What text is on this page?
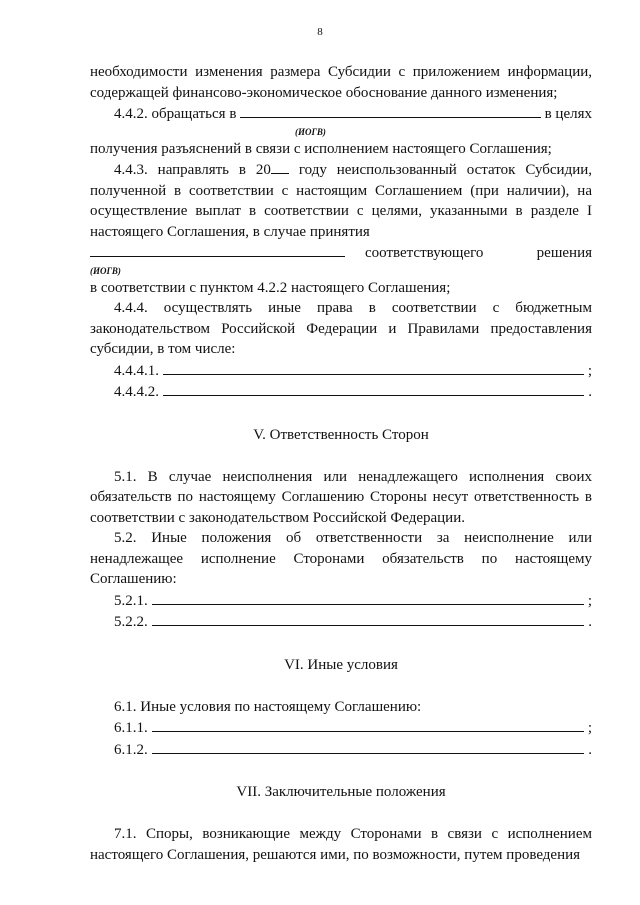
8

необходимости изменения размера Субсидии с приложением информации, содержащей финансово-экономическое обоснование данного изменения;

4.4.2. обращаться в	в целях
(ИОГВ)

получения разъяснений в связи с исполнением настоящего Соглашения;

4.4.3. направлять в 20 году неиспользованный остаток Субсидии, полученной в соответствии с настоящим Соглашением (при наличии), на осуществление выплат в соответствии с целями, указанными в разделе I настоящего Соглашения, в случае принятия

соответствующего	решения
(ИОГВ)

в соответствии с пунктом 4.2.2 настоящего Соглашения;

4.4.4. осуществлять иные права в соответствии с бюджетным законодательством Российской Федерации и Правилами предоставления субсидии, в том числе:

4.4.4.1.	;
4.4.4.2.	.
V. Ответственность Сторон

5.1. В случае неисполнения или ненадлежащего исполнения своих обязательств по настоящему Соглашению Стороны несут ответственность в соответствии с законодательством Российской Федерации.

5.2. Иные положения об ответственности за неисполнение или ненадлежащее исполнение Сторонами обязательств по настоящему Соглашению:

5.2.1.	;
5.2.2.	.
VI. Иные условия

6.1. Иные условия по настоящему Соглашению:

6.1.1.	;
6.1.2.	.
VII. Заключительные положения

7.1. Споры, возникающие между Сторонами в связи с исполнением настоящего Соглашения, решаются ими, по возможности, путем проведения
